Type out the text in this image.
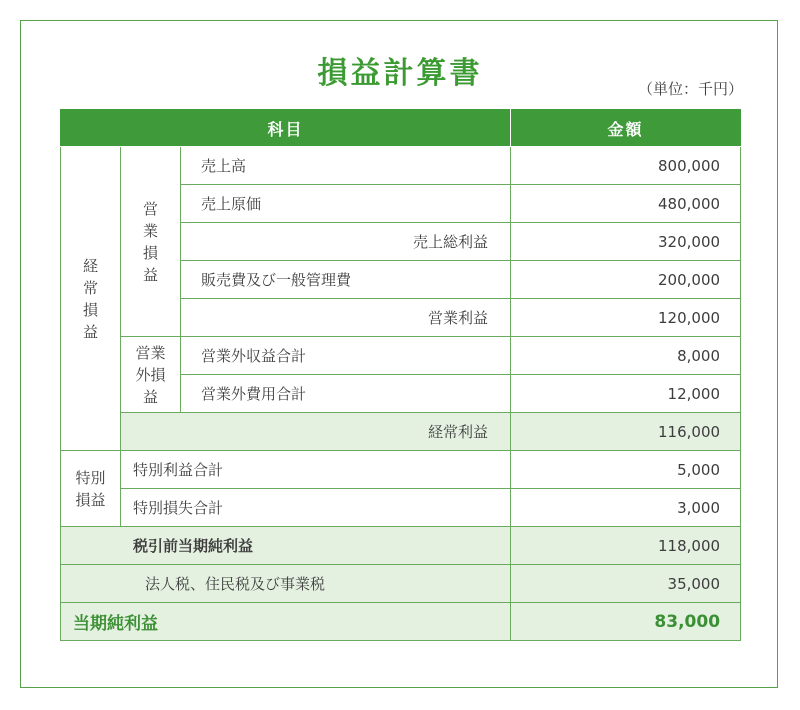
損益計算書	（単位：千円）
科目			金額
経常損益	営業損益	売上高	800,000
		売上原価	480,000
		売上総利益	320,000
		販売費及び一般管理費	200,000
		営業利益	120,000
	営業外損益	営業外収益合計	8,000
		営業外費用合計	12,000
	経常利益		116,000
特別損益	特別利益合計		5,000
	特別損失合計		3,000
税引前当期純利益			118,000
法人税、住民税及び事業税			35,000
当期純利益			83,000
